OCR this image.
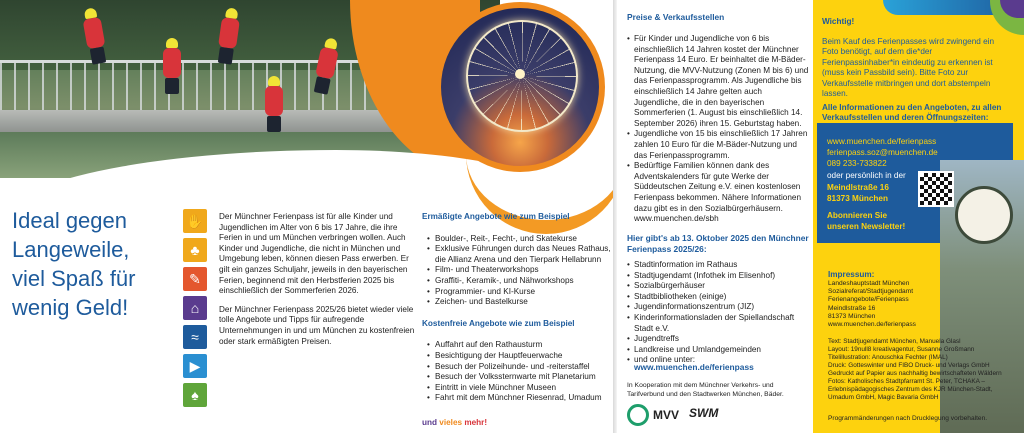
Ideal gegen
Langeweile,
viel Spaß für
wenig Geld!
✋
♣
✎
⌂
≈
▶
♠

Der Münchner Ferienpass ist für alle Kinder und Jugendlichen im Alter von 6 bis 17 Jahre, die ihre Ferien in und um München verbringen wollen. Auch Kinder und Jugendliche, die nicht in München und Umgebung leben, können diesen Pass erwerben. Er gilt ein ganzes Schuljahr, jeweils in den bayerischen Ferien, beginnend mit den Herbstferien 2025 bis einschließlich der Sommerferien 2026.

Der Münchner Ferienpass 2025/26 bietet wieder viele tolle Angebote und Tipps für aufregende Unternehmungen in und um München zu kostenfreien oder stark ermäßigten Preisen.

Ermäßigte Angebote wie zum Beispiel
• Boulder-, Reit-, Fecht-, und Skatekurse
• Exklusive Führungen durch das Neues Rathaus, die Allianz Arena und den Tierpark Hellabrunn
• Film- und Theaterworkshops
• Graffiti-, Keramik-, und Nähworkshops
• Programmier- und KI-Kurse
• Zeichen- und Bastelkurse
Kostenfreie Angebote wie zum Beispiel
• Auffahrt auf den Rathausturm
• Besichtigung der Hauptfeuerwache
• Besuch der Polizeihunde- und -reiterstaffel
• Besuch der Volkssternwarte mit Planetarium
• Eintritt in viele Münchner Museen
• Fahrt mit dem Münchner Riesenrad, Umadum
und vieles mehr!
Preise & Verkaufsstellen
• Für Kinder und Jugendliche von 6 bis einschließlich 14 Jahren kostet der Münchner Ferienpass 14 Euro. Er beinhaltet die M-Bäder-Nutzung, die MVV-Nutzung (Zonen M bis 6) und das Ferienpassprogramm. Als Jugendliche bis einschließlich 14 Jahre gelten auch Jugendliche, die in den bayerischen Sommerferien (1. August bis einschließlich 14. September 2026) ihren 15. Geburtstag haben.
• Jugendliche von 15 bis einschließlich 17 Jahren zahlen 10 Euro für die M-Bäder-Nutzung und das Ferienpassprogramm.
• Bedürftige Familien können dank des Adventskalenders für gute Werke der Süddeutschen Zeitung e.V. einen kostenlosen Ferienpass bekommen. Nähere Informationen dazu gibt es in den Sozialbürgerhäusern. www.muenchen.de/sbh
Hier gibt's ab 13. Oktober 2025 den Münchner Ferienpass 2025/26:
• Stadtinformation im Rathaus
• Stadtjugendamt (Infothek im Elisenhof)
• Sozialbürgerhäuser
• Stadtbibliotheken (einige)
• Jugendinformationszentrum (JIZ)
• Kinderinformationsladen der Spiellandschaft Stadt e.V.
• Jugendtreffs
• Landkreise und Umlandgemeinden
• und online unter:
www.muenchen.de/ferienpass
In Kooperation mit dem Münchner Verkehrs- und Tarifverbund und den Stadtwerken München, Bäder.
MVV SWM
Wichtig!
Beim Kauf des Ferienpasses wird zwingend ein Foto benötigt, auf dem die*der Ferienpassinhaber*in eindeutig zu erkennen ist (muss kein Passbild sein). Bitte Foto zur Verkaufsstelle mitbringen und dort abstempeln lassen.
Alle Informationen zu den Angeboten, zu allen Verkaufsstellen und deren Öffnungszeiten:
www.muenchen.de/ferienpass
ferienpass.soz@muenchen.de
089 233-733822
oder persönlich in der
Meindlstraße 16
81373 München
Abonnieren Sie
unseren Newsletter!
Impressum:
Landeshauptstadt München
Sozialreferat/Stadtjugendamt
Ferienangebote/Ferienpass
Meindlstraße 16
81373 München
www.muenchen.de/ferienpass
Text: Stadtjugendamt München, Manuela Glasl
Layout: 19null8 kreativagentur, Susanne Großmann
Titelillustration: Anouschka Fechter (IMAL)
Druck: Gotteswinter und FIBO Druck- und Verlags GmbH
Gedruckt auf Papier aus nachhaltig bewirtschafteten Wäldern
Fotos: Katholisches Stadtpfarramt St. Peter, TCHAKA – Erlebnispädagogisches Zentrum des KJR München-Stadt, Umadum GmbH, Magic Bavaria GmbH
Programmänderungen nach Drucklegung vorbehalten.
